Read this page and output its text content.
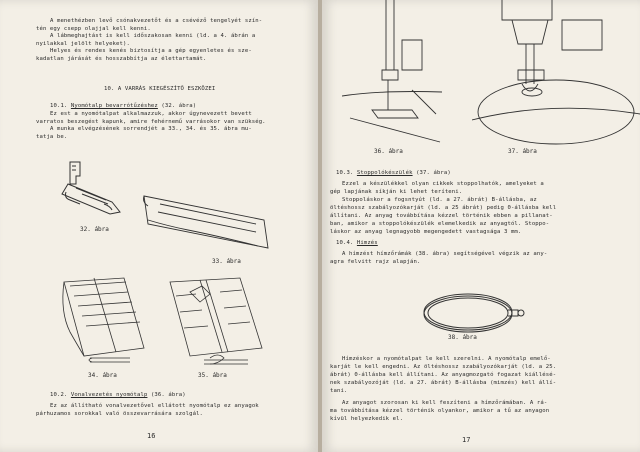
A menethézben levő csónakvezetőt és a csévéző tengelyét szín-
tén egy csepp olajjal kell kenni.
A lábmeghajtást is kell időszakosan kenni (ld. a 4. ábrán a
nyilakkal jelölt helyeket).
Helyes és rendes kenés biztosítja a gép egyenletes és sze-
kadatlan járását és hosszabbítja az élettartamát.
10. A VARRÁS KIEGÉSZÍTŐ ESZKÖZEI
10.1. Nyomótalp bevarrótűzéshez (32. ábra)
Ez est a nyomótalpat alkalmazzuk, akkor úgynevezett bevett
varratos beszegést kapunk, amire fehérnemű varrásokor van szükség.
A munka elvégzésének sorrendjét a 33., 34. és 35. ábra mu-
tatja be.
32. ábra
33. ábra
34. ábra	35. ábra
10.2. Vonalvezetés nyomótalp (36. ábra)
Ez az állítható vonalvezetővel ellátott nyomótalp ez anyagok
párhuzamos sorokkal való összevarrására szolgál.
16
36. ábra	37. ábra
10.3. Stoppolókészülék (37. ábra)
Ezzel a készülékkel olyan cikkek stoppolhatók, amelyeket a
gép lapjának síkján ki lehet teríteni.
Stoppoláskor a fogsntyút (ld. a 27. ábrát) B-állásba, az
öltéshossz szabályozókarját (ld. a 25 ábrát) pedig 0-állásba kell
állítani. Az anyag továbbítása kézzel történik ebben a pillanat-
ban, amikor a stoppolókészülék elemelkedik az anyagtól. Stoppo-
láskor az anyag legnagyobb megengedett vastagsága 3 mm.
10.4. Himzés
A hímzést hímzőrámák (38. ábra) segítségével végzik az any-
agra felvitt rajz alapján.
38. ábra
Hímzéskor a nyomótalpat le kell szerelni. A nyomótalp emelő-
karját le kell engedni. Az öltéshossz szabályozókarját (ld. a 25.
ábrát) 0-állásba kell állítani. Az anyagmozgató fogazat kiállésé-
nek szabályozóját (ld. a 27. ábrát) B-állásba (mimzés) kell állí-
tani.
Az anyagot szorosan ki kell feszíteni a hímzőrámában. A rá-
ma továbbítása kézzel történik olyankor, amikor a tű az anyagon
kívül helyezkedik el.
17
